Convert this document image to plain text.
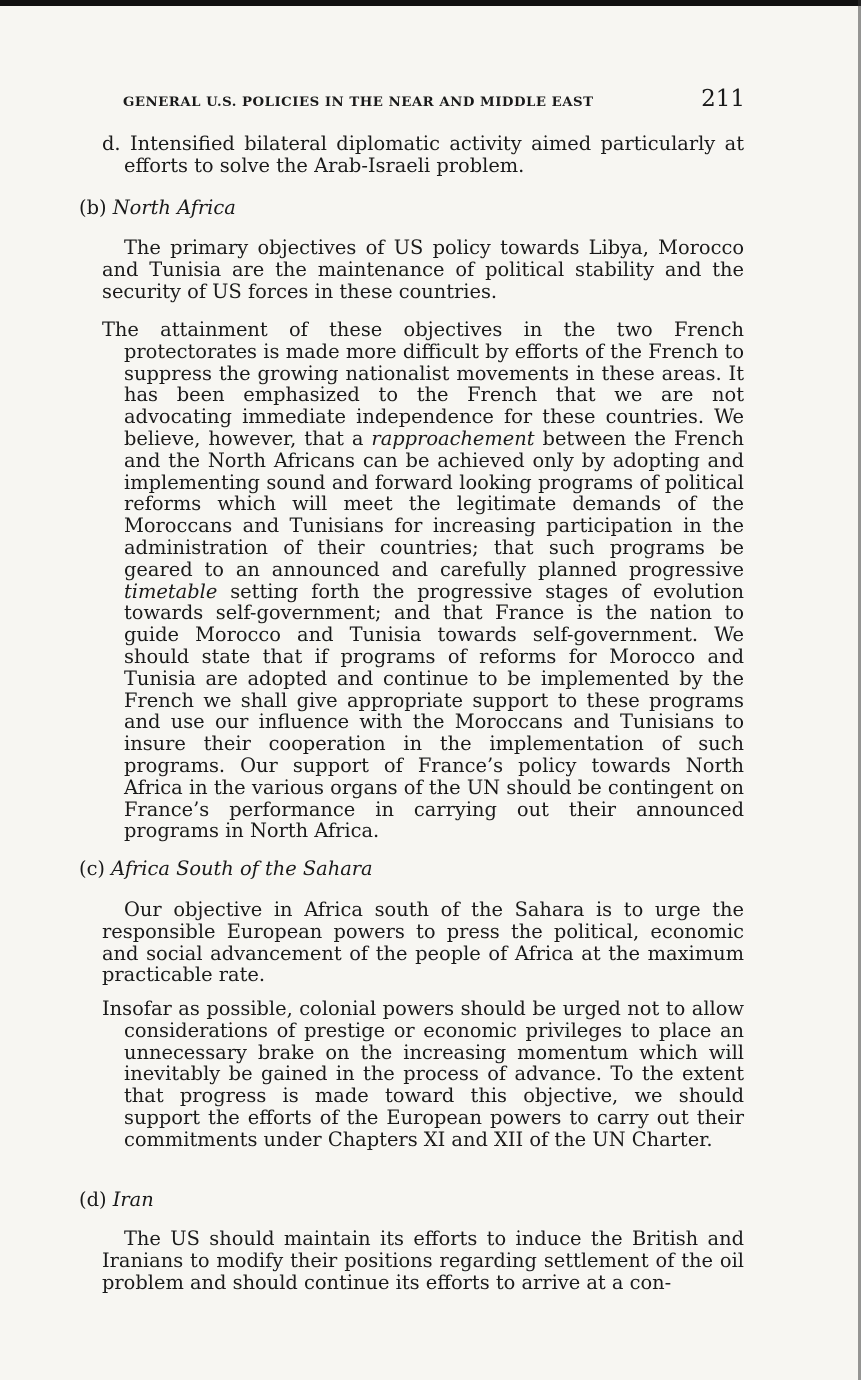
GENERAL U.S. POLICIES IN THE NEAR AND MIDDLE EAST	211

d. Intensified bilateral diplomatic activity aimed particularly at efforts to solve the Arab-Israeli problem.

(b) North Africa

The primary objectives of US policy towards Libya, Morocco and Tunisia are the maintenance of political stability and the security of US forces in these countries.

The attainment of these objectives in the two French protectorates is made more difficult by efforts of the French to suppress the growing nationalist movements in these areas. It has been emphasized to the French that we are not advocating immediate independence for these countries. We believe, however, that a rapproachement between the French and the North Africans can be achieved only by adopting and implementing sound and forward looking programs of political reforms which will meet the legitimate demands of the Moroccans and Tunisians for increasing participation in the administration of their countries; that such programs be geared to an announced and carefully planned progressive timetable setting forth the progressive stages of evolution towards self-government; and that France is the nation to guide Morocco and Tunisia towards self-government. We should state that if programs of reforms for Morocco and Tunisia are adopted and continue to be implemented by the French we shall give appropriate support to these programs and use our influence with the Moroccans and Tunisians to insure their cooperation in the implementation of such programs. Our support of France’s policy towards North Africa in the various organs of the UN should be contingent on France’s performance in carrying out their announced programs in North Africa.

(c) Africa South of the Sahara

Our objective in Africa south of the Sahara is to urge the responsible European powers to press the political, economic and social advancement of the people of Africa at the maximum practicable rate.

Insofar as possible, colonial powers should be urged not to allow considerations of prestige or economic privileges to place an unnecessary brake on the increasing momentum which will inevitably be gained in the process of advance. To the extent that progress is made toward this objective, we should support the efforts of the European powers to carry out their commitments under Chapters XI and XII of the UN Charter.

(d) Iran

The US should maintain its efforts to induce the British and Iranians to modify their positions regarding settlement of the oil problem and should continue its efforts to arrive at a con-
